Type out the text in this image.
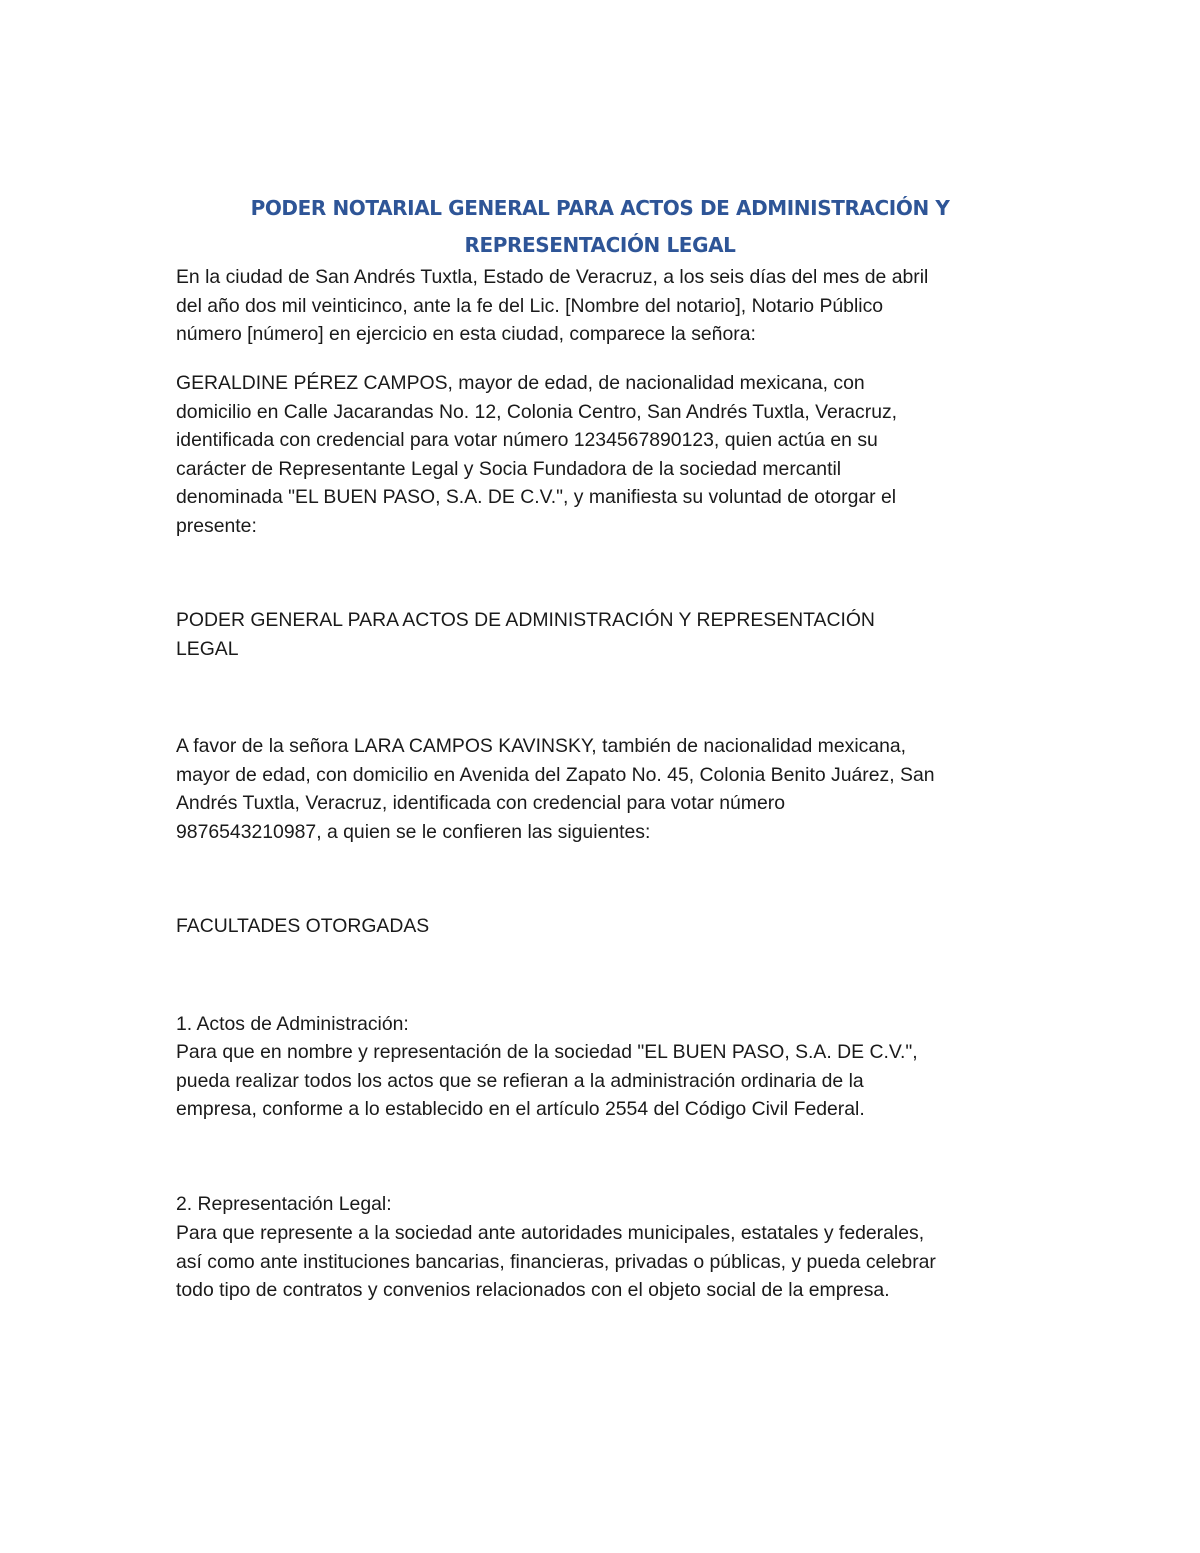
PODER NOTARIAL GENERAL PARA ACTOS DE ADMINISTRACIÓN Y
REPRESENTACIÓN LEGAL

En la ciudad de San Andrés Tuxtla, Estado de Veracruz, a los seis días del mes de abril
del año dos mil veinticinco, ante la fe del Lic. [Nombre del notario], Notario Público
número [número] en ejercicio en esta ciudad, comparece la señora:

GERALDINE PÉREZ CAMPOS, mayor de edad, de nacionalidad mexicana, con
domicilio en Calle Jacarandas No. 12, Colonia Centro, San Andrés Tuxtla, Veracruz,
identificada con credencial para votar número 1234567890123, quien actúa en su
carácter de Representante Legal y Socia Fundadora de la sociedad mercantil
denominada "EL BUEN PASO, S.A. DE C.V.", y manifiesta su voluntad de otorgar el
presente:

PODER GENERAL PARA ACTOS DE ADMINISTRACIÓN Y REPRESENTACIÓN
LEGAL

A favor de la señora LARA CAMPOS KAVINSKY, también de nacionalidad mexicana,
mayor de edad, con domicilio en Avenida del Zapato No. 45, Colonia Benito Juárez, San
Andrés Tuxtla, Veracruz, identificada con credencial para votar número
9876543210987, a quien se le confieren las siguientes:

FACULTADES OTORGADAS

1. Actos de Administración:

Para que en nombre y representación de la sociedad "EL BUEN PASO, S.A. DE C.V.",
pueda realizar todos los actos que se refieran a la administración ordinaria de la
empresa, conforme a lo establecido en el artículo 2554 del Código Civil Federal.

2. Representación Legal:

Para que represente a la sociedad ante autoridades municipales, estatales y federales,
así como ante instituciones bancarias, financieras, privadas o públicas, y pueda celebrar
todo tipo de contratos y convenios relacionados con el objeto social de la empresa.
